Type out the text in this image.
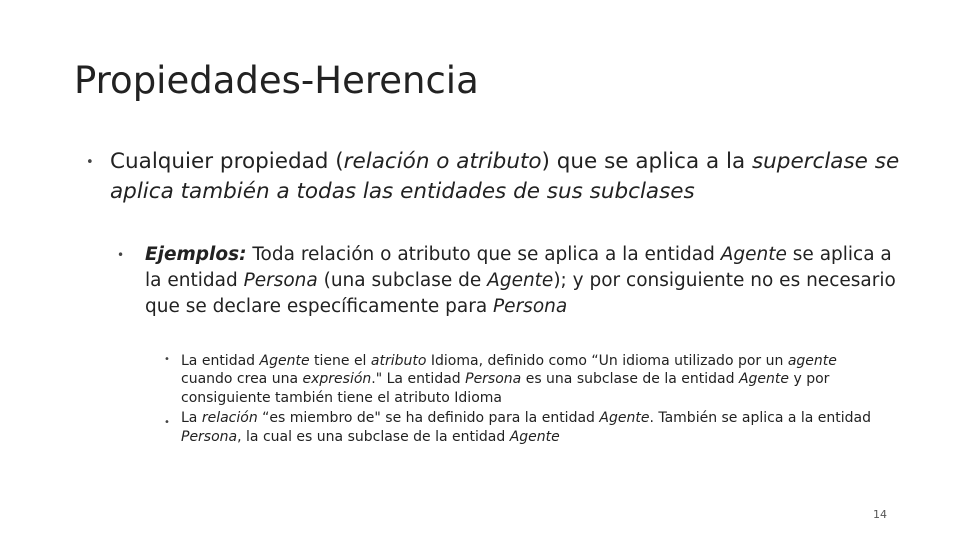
Propiedades-Herencia
• Cualquier propiedad (relación o atributo) que se aplica a la superclase se aplica también a todas las entidades de sus subclases
• Ejemplos: Toda relación o atributo que se aplica a la entidad Agente se aplica a la entidad Persona (una subclase de Agente); y por consiguiente no es necesario que se declare específicamente para Persona
•
•

La entidad Agente tiene el atributo Idioma, definido como “Un idioma utilizado por un agente cuando crea una expresión." La entidad Persona es una subclase de la entidad Agente y por consiguiente también tiene el atributo Idioma

La relación “es miembro de" se ha definido para la entidad Agente. También se aplica a la entidad Persona, la cual es una subclase de la entidad Agente

14
